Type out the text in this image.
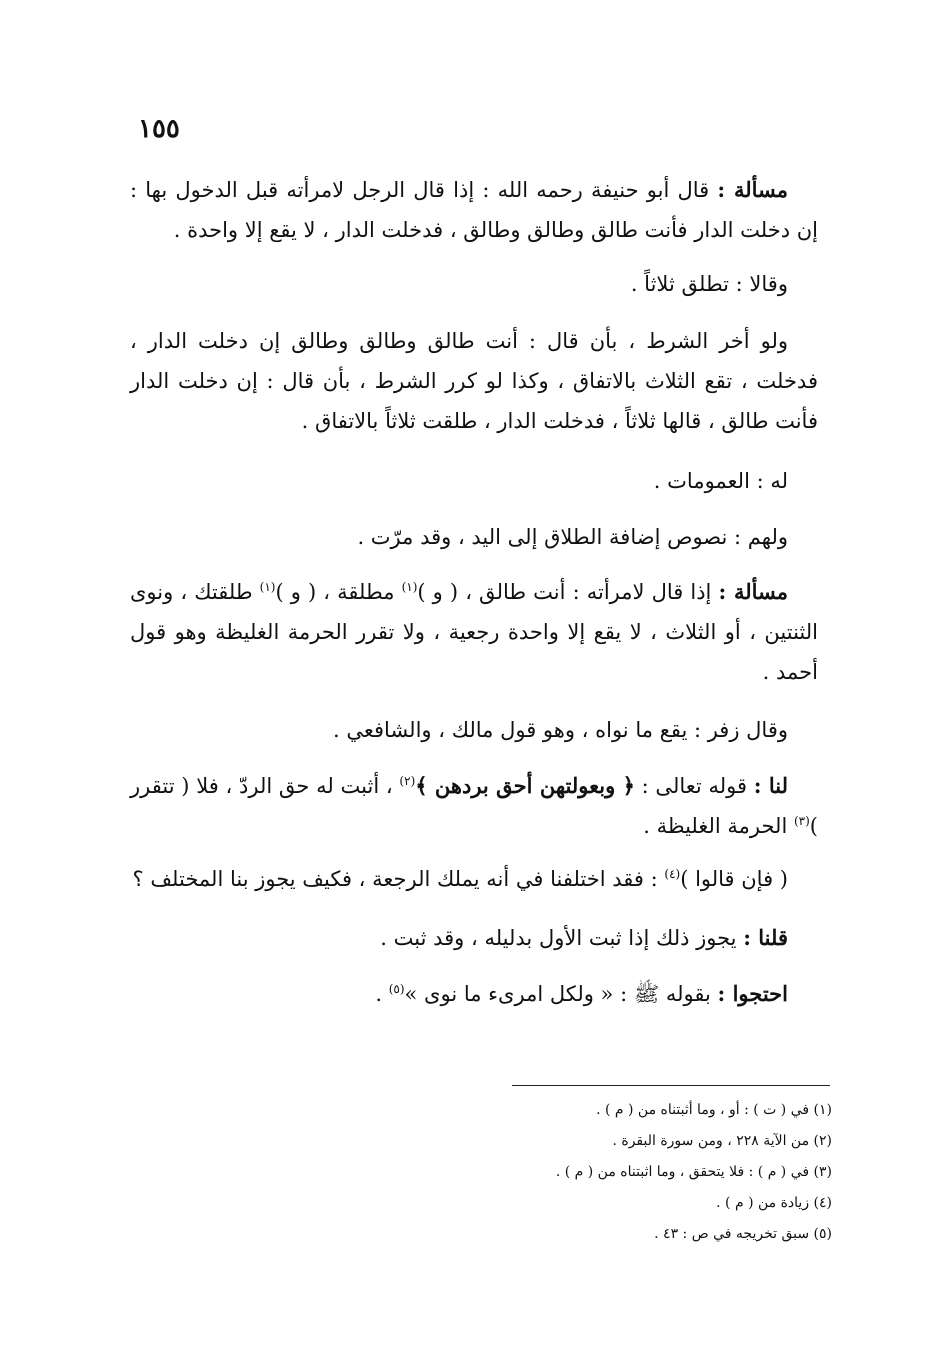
١٥٥

مسألة : قال أبو حنيفة رحمه الله : إذا قال الرجل لامرأته قبل الدخول بها : إن دخلت الدار فأنت طالق وطالق وطالق ، فدخلت الدار ، لا يقع إلا واحدة .

وقالا : تطلق ثلاثاً .

ولو أخر الشرط ، بأن قال : أنت طالق وطالق وطالق إن دخلت الدار ، فدخلت ، تقع الثلاث بالاتفاق ، وكذا لو كرر الشرط ، بأن قال : إن دخلت الدار فأنت طالق ، قالها ثلاثاً ، فدخلت الدار ، طلقت ثلاثاً بالاتفاق .

له : العمومات .

ولهم : نصوص إضافة الطلاق إلى اليد ، وقد مرّت .

مسألة : إذا قال لامرأته : أنت طالق ، ( و )$^{(١)}$ مطلقة ، ( و )$^{(١)}$ طلقتك ، ونوى الثنتين ، أو الثلاث ، لا يقع إلا واحدة رجعية ، ولا تقرر الحرمة الغليظة وهو قول أحمد .

وقال زفر : يقع ما نواه ، وهو قول مالك ، والشافعي .

لنا : قوله تعالى : ﴿ وبعولتهن أحق بردهن ﴾$^{(٢)}$ ، أثبت له حق الردّ ، فلا ( تتقرر )$^{(٣)}$ الحرمة الغليظة .

( فإن قالوا )$^{(٤)}$ : فقد اختلفنا في أنه يملك الرجعة ، فكيف يجوز بنا المختلف ؟

قلنا : يجوز ذلك إذا ثبت الأول بدليله ، وقد ثبت .

احتجوا : بقوله ﷺ : « ولكل امرىء ما نوى »$^{(٥)}$ .

(١) في ( ت ) : أو ، وما أثبتناه من ( م ) .

(٢) من الآية ٢٢٨ ، ومن سورة البقرة .

(٣) في ( م ) : فلا يتحقق ، وما اثبتناه من ( م ) .

(٤) زيادة من ( م ) .

(٥) سبق تخريجه في ص : ٤٣ .
